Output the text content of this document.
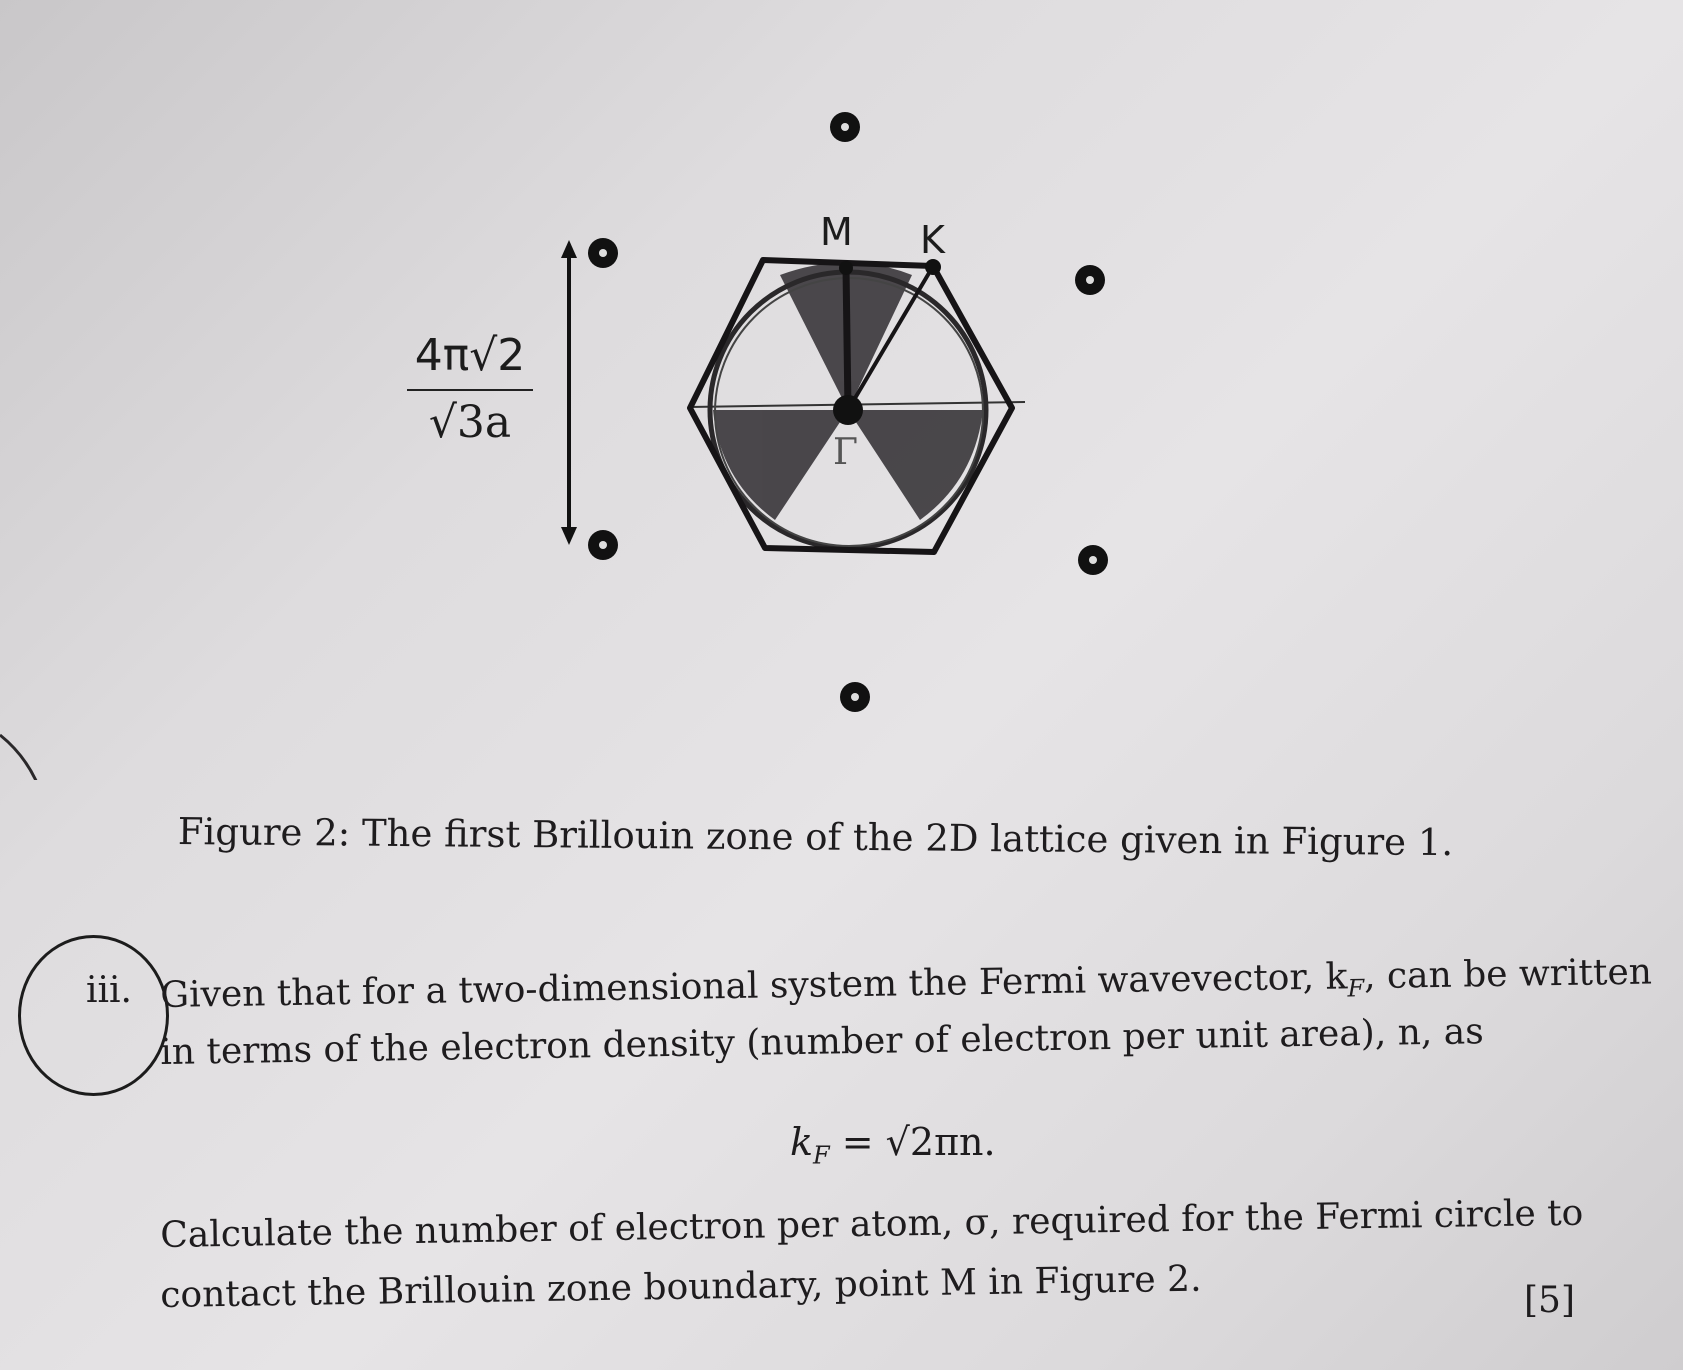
4π√2
√3a
M K
Γ
Figure 2: The first Brillouin zone of the 2D lattice given in Figure 1.
iii. Given that for a two-dimensional system the Fermi wavevector, $k_F$, can be written
in terms of the electron density (number of electron per unit area), n, as
$k_F = √2\pi n$.
Calculate the number of electron per atom, σ, required for the Fermi circle to
contact the Brillouin zone boundary, point M in Figure 2.	[5]
